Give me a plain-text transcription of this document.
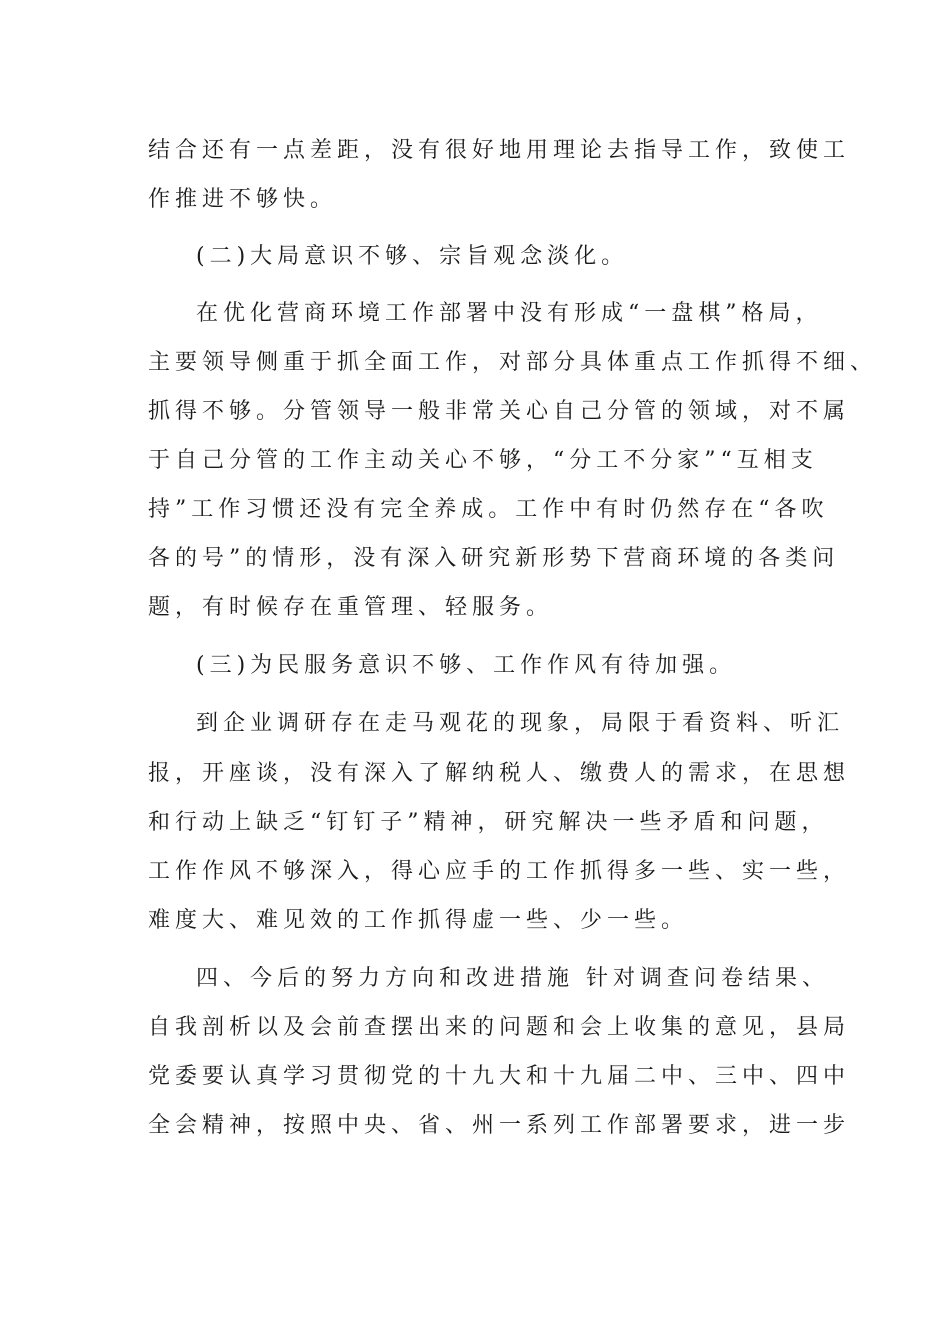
结合还有一点差距，没有很好地用理论去指导工作，致使工
作推进不够快。
(二)大局意识不够、宗旨观念淡化。
在优化营商环境工作部署中没有形成“一盘棋”格局，
主要领导侧重于抓全面工作，对部分具体重点工作抓得不细、
抓得不够。分管领导一般非常关心自己分管的领域，对不属
于自己分管的工作主动关心不够，“分工不分家”“互相支
持”工作习惯还没有完全养成。工作中有时仍然存在“各吹
各的号”的情形，没有深入研究新形势下营商环境的各类问
题，有时候存在重管理、轻服务。
(三)为民服务意识不够、工作作风有待加强。
到企业调研存在走马观花的现象，局限于看资料、听汇
报，开座谈，没有深入了解纳税人、缴费人的需求，在思想
和行动上缺乏“钉钉子”精神，研究解决一些矛盾和问题，
工作作风不够深入，得心应手的工作抓得多一些、实一些，
难度大、难见效的工作抓得虚一些、少一些。
四、今后的努力方向和改进措施 针对调查问卷结果、
自我剖析以及会前查摆出来的问题和会上收集的意见，县局
党委要认真学习贯彻党的十九大和十九届二中、三中、四中
全会精神，按照中央、省、州一系列工作部署要求，进一步
